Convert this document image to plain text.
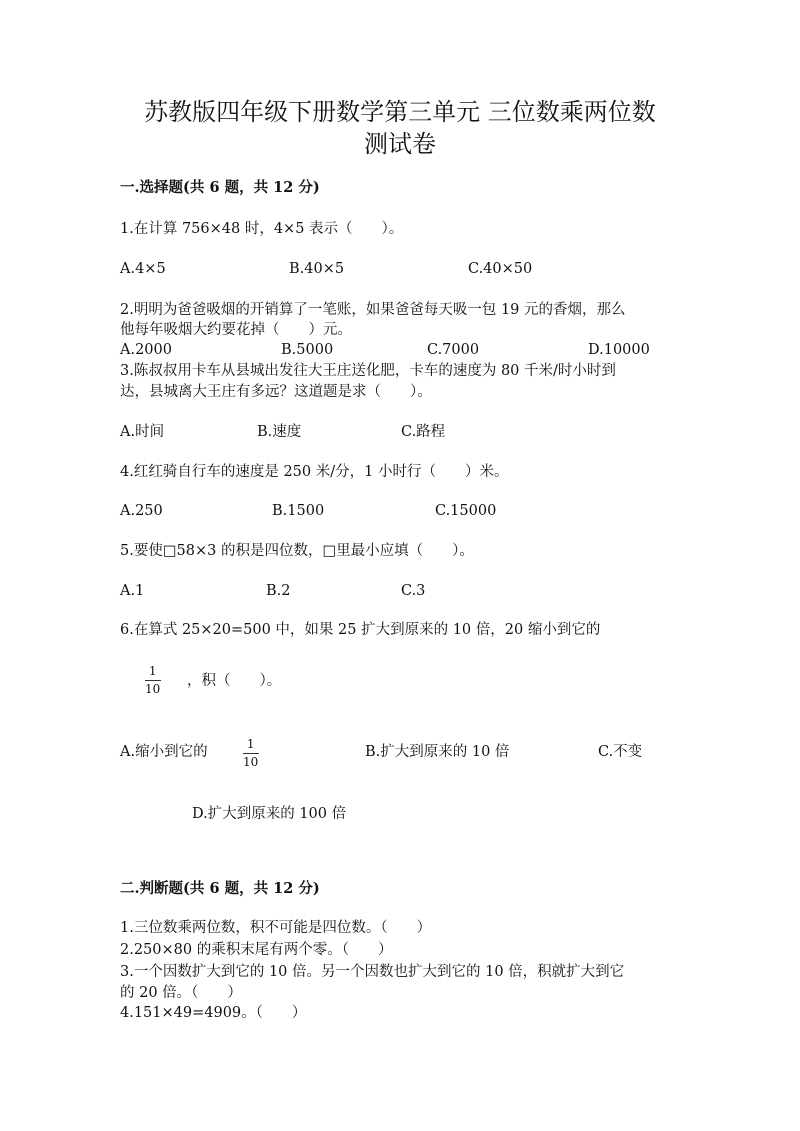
苏教版四年级下册数学第三单元 三位数乘两位数
测试卷
一.选择题(共 6 题，共 12 分)
1.在计算 756×48 时，4×5 表示（　　）。
A.4×5	B.40×5	C.40×50
2.明明为爸爸吸烟的开销算了一笔账，如果爸爸每天吸一包 19 元的香烟，那么
他每年吸烟大约要花掉（　　）元。
A.2000	B.5000	C.7000	D.10000
3.陈叔叔用卡车从县城出发往大王庄送化肥，卡车的速度为 80 千米/时小时到
达，县城离大王庄有多远？这道题是求（　　）。
A.时间	B.速度	C.路程
4.红红骑自行车的速度是 250 米/分，1 小时行（　　）米。
A.250	B.1500	C.15000
5.要使□58×3 的积是四位数，□里最小应填（　　）。
A.1	B.2	C.3
6.在算式 25×20=500 中，如果 25 扩大到原来的 10 倍，20 缩小到它的
1
10 ，积（　　）。
A.缩小到它的	1
10
B.扩大到原来的 10 倍	C.不变
D.扩大到原来的 100 倍
二.判断题(共 6 题，共 12 分)
1.三位数乘两位数，积不可能是四位数。（　　）
2.250×80 的乘积末尾有两个零。（　　）
3.一个因数扩大到它的 10 倍。另一个因数也扩大到它的 10 倍，积就扩大到它
的 20 倍。（　　）
4.151×49=4909。（　　）
